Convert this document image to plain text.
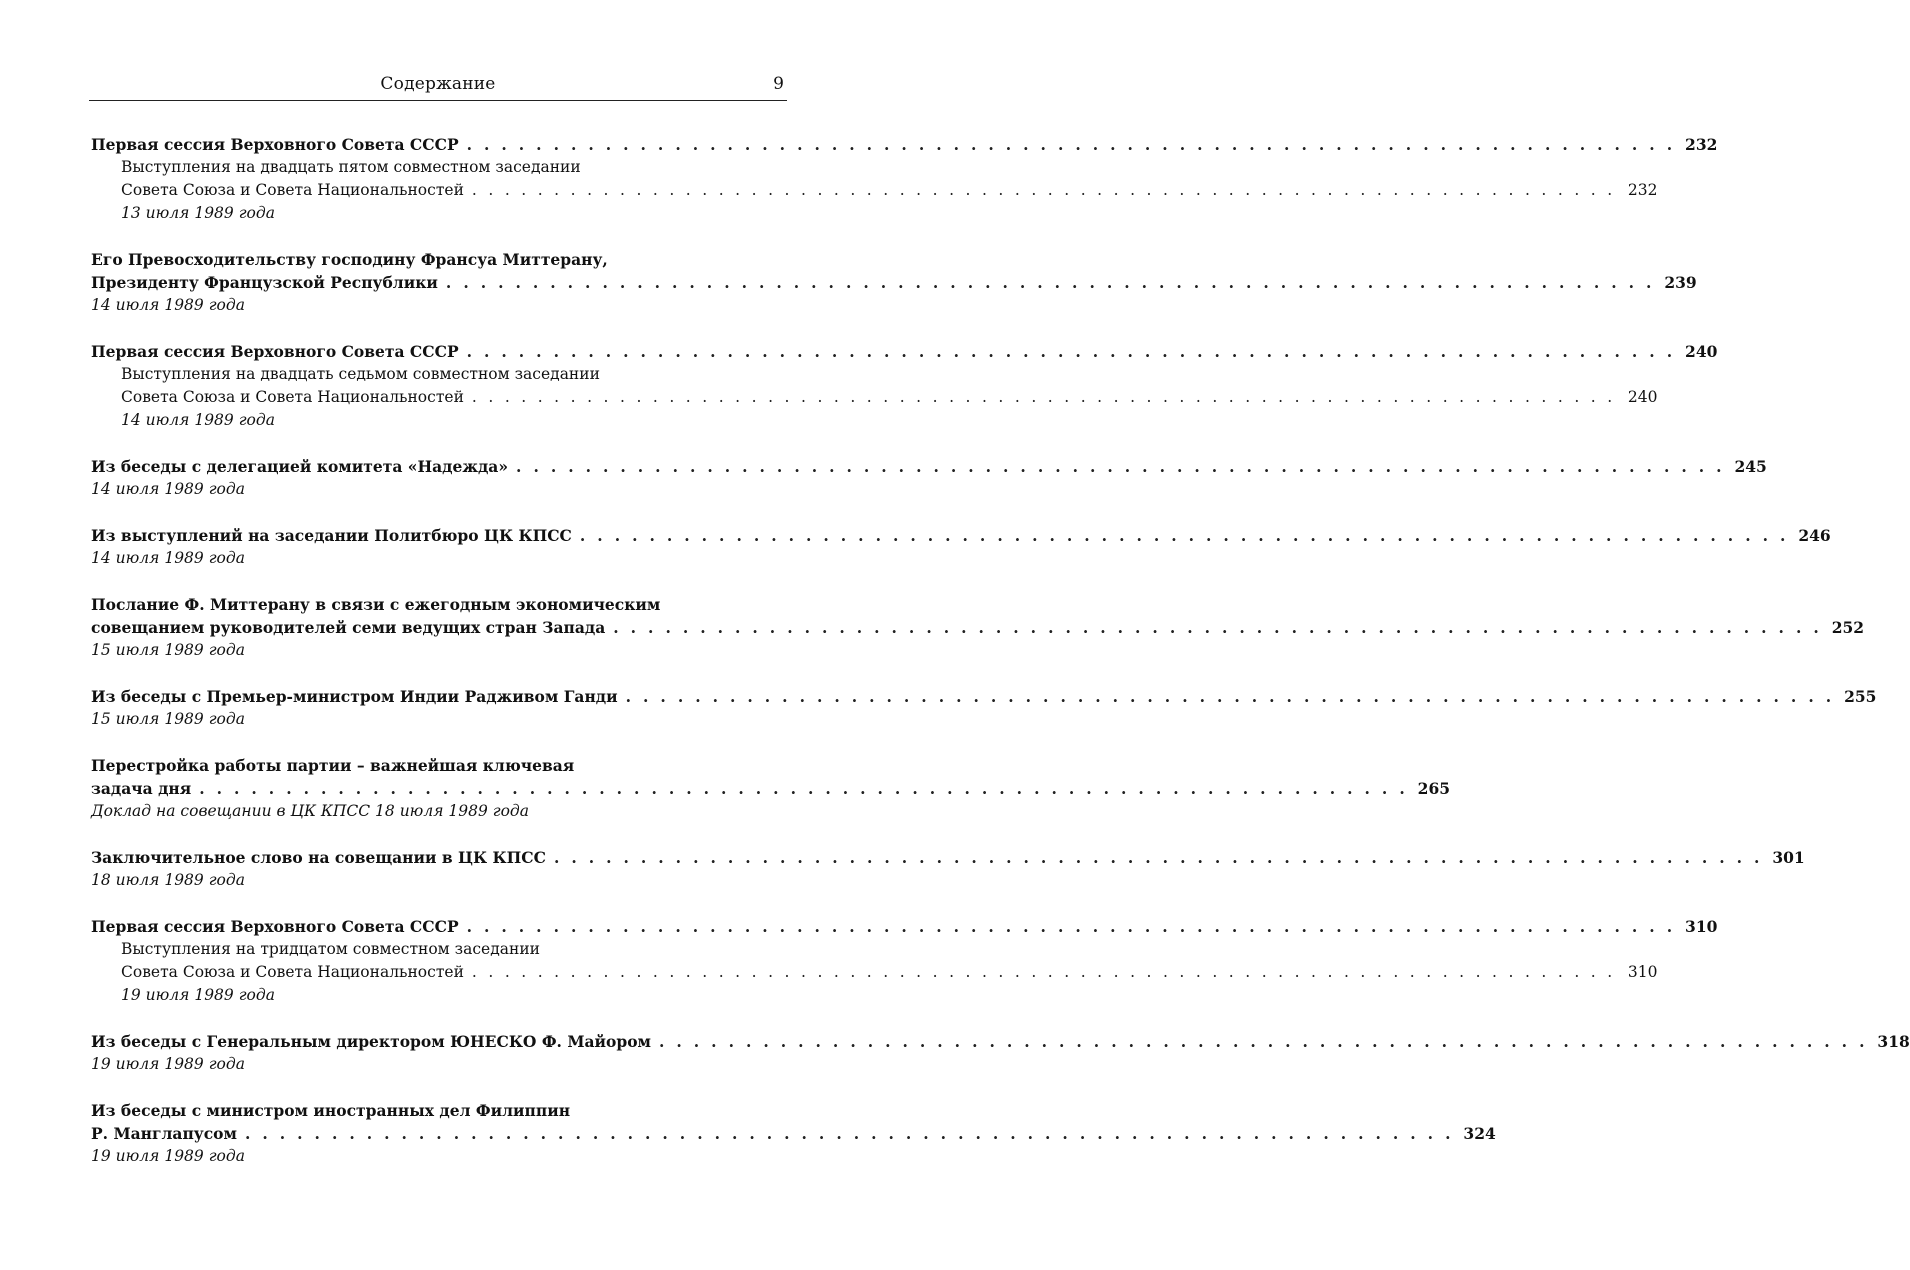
Содержание	9
Первая сессия Верховного Совета СССР . . . . . . . . . . . . . . . . . . . . . . . . . . . . . . . . . . . . . . . . . . . . . . . . . . . . . . . . . . . . . . . . . . . . . . 232
Выступления на двадцать пятом совместном заседании
Совета Союза и Совета Национальностей . . . . . . . . . . . . . . . . . . . . . . . . . . . . . . . . . . . . . . . . . . . . . . . . . . . . . . . . . . . . . . . . . . . . . . 232
13 июля 1989 года
Его Превосходительству господину Франсуа Миттерану,
Президенту Французской Республики . . . . . . . . . . . . . . . . . . . . . . . . . . . . . . . . . . . . . . . . . . . . . . . . . . . . . . . . . . . . . . . . . . . . . . 239
14 июля 1989 года
Первая сессия Верховного Совета СССР . . . . . . . . . . . . . . . . . . . . . . . . . . . . . . . . . . . . . . . . . . . . . . . . . . . . . . . . . . . . . . . . . . . . . . 240
Выступления на двадцать седьмом совместном заседании
Совета Союза и Совета Национальностей . . . . . . . . . . . . . . . . . . . . . . . . . . . . . . . . . . . . . . . . . . . . . . . . . . . . . . . . . . . . . . . . . . . . . . 240
14 июля 1989 года
Из беседы с делегацией комитета «Надежда» . . . . . . . . . . . . . . . . . . . . . . . . . . . . . . . . . . . . . . . . . . . . . . . . . . . . . . . . . . . . . . . . . . . . . . 245
14 июля 1989 года
Из выступлений на заседании Политбюро ЦК КПСС . . . . . . . . . . . . . . . . . . . . . . . . . . . . . . . . . . . . . . . . . . . . . . . . . . . . . . . . . . . . . . . . . . . . . . 246
14 июля 1989 года
Послание Ф. Миттерану в связи с ежегодным экономическим
совещанием руководителей семи ведущих стран Запада . . . . . . . . . . . . . . . . . . . . . . . . . . . . . . . . . . . . . . . . . . . . . . . . . . . . . . . . . . . . . . . . . . . . . . 252
15 июля 1989 года
Из беседы с Премьер-министром Индии Радживом Ганди . . . . . . . . . . . . . . . . . . . . . . . . . . . . . . . . . . . . . . . . . . . . . . . . . . . . . . . . . . . . . . . . . . . . . . 255
15 июля 1989 года
Перестройка работы партии – важнейшая ключевая
задача дня . . . . . . . . . . . . . . . . . . . . . . . . . . . . . . . . . . . . . . . . . . . . . . . . . . . . . . . . . . . . . . . . . . . . . . 265
Доклад на совещании в ЦК КПСС 18 июля 1989 года
Заключительное слово на совещании в ЦК КПСС . . . . . . . . . . . . . . . . . . . . . . . . . . . . . . . . . . . . . . . . . . . . . . . . . . . . . . . . . . . . . . . . . . . . . . 301
18 июля 1989 года
Первая сессия Верховного Совета СССР . . . . . . . . . . . . . . . . . . . . . . . . . . . . . . . . . . . . . . . . . . . . . . . . . . . . . . . . . . . . . . . . . . . . . . 310
Выступления на тридцатом совместном заседании
Совета Союза и Совета Национальностей . . . . . . . . . . . . . . . . . . . . . . . . . . . . . . . . . . . . . . . . . . . . . . . . . . . . . . . . . . . . . . . . . . . . . . 310
19 июля 1989 года
Из беседы с Генеральным директором ЮНЕСКО Ф. Майором . . . . . . . . . . . . . . . . . . . . . . . . . . . . . . . . . . . . . . . . . . . . . . . . . . . . . . . . . . . . . . . . . . . . . . 318
19 июля 1989 года
Из беседы с министром иностранных дел Филиппин
Р. Манглапусом . . . . . . . . . . . . . . . . . . . . . . . . . . . . . . . . . . . . . . . . . . . . . . . . . . . . . . . . . . . . . . . . . . . . . . 324
19 июля 1989 года
